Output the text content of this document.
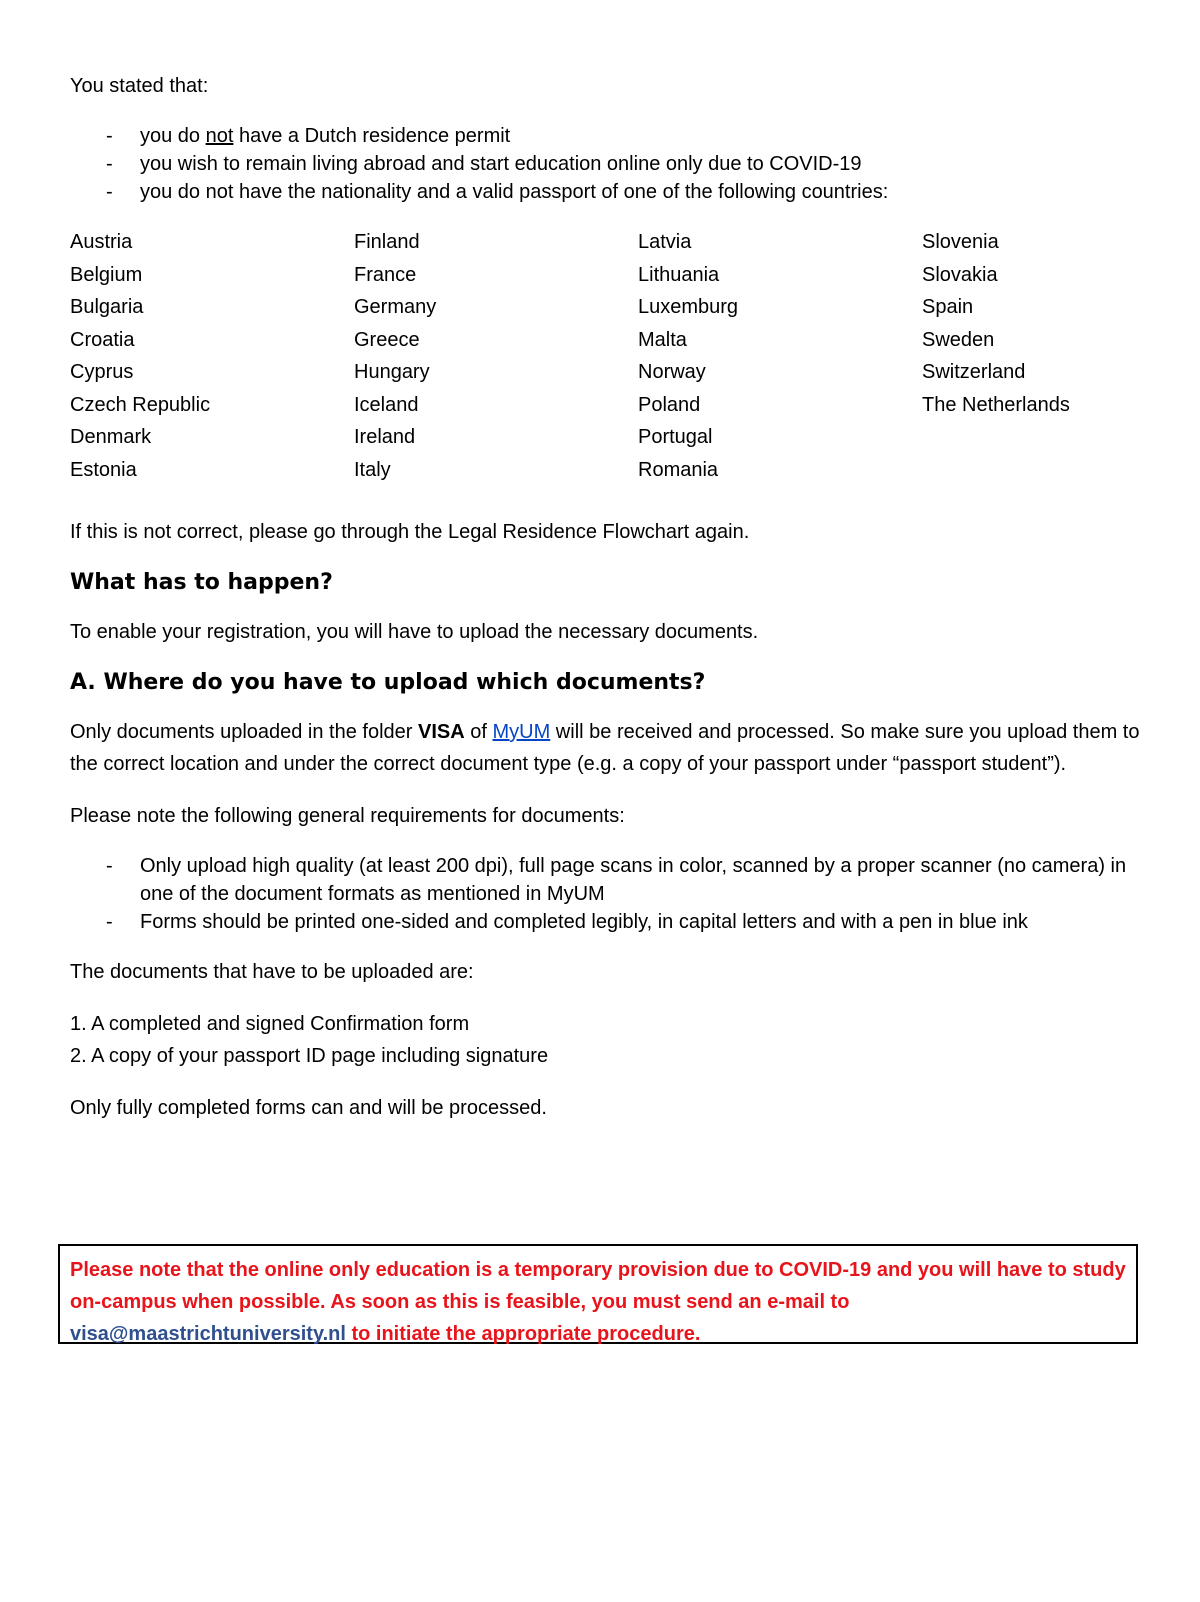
You stated that:

- you do not have a Dutch residence permit
- you wish to remain living abroad and start education online only due to COVID-19
- you do not have the nationality and a valid passport of one of the following countries:
Austria
Belgium
Bulgaria
Croatia
Cyprus
Czech Republic
Denmark
Estonia
Finland
France
Germany
Greece
Hungary
Iceland
Ireland
Italy
Latvia
Lithuania
Luxemburg
Malta
Norway
Poland
Portugal
Romania
Slovenia
Slovakia
Spain
Sweden
Switzerland
The Netherlands

If this is not correct, please go through the Legal Residence Flowchart again.

What has to happen?

To enable your registration, you will have to upload the necessary documents.

A. Where do you have to upload which documents?

Only documents uploaded in the folder VISA of MyUM will be received and processed. So make sure you upload them to the correct location and under the correct document type (e.g. a copy of your passport under “passport student”).

Please note the following general requirements for documents:

- Only upload high quality (at least 200 dpi), full page scans in color, scanned by a proper scanner (no camera) in one of the document formats as mentioned in MyUM
- Forms should be printed one-sided and completed legibly, in capital letters and with a pen in blue ink

The documents that have to be uploaded are:

1. A completed and signed Confirmation form

2. A copy of your passport ID page including signature

Only fully completed forms can and will be processed.

Please note that the online only education is a temporary provision due to COVID-19 and you will have to study on-campus when possible. As soon as this is feasible, you must send an e-mail to visa@maastrichtuniversity.nl to initiate the appropriate procedure.
